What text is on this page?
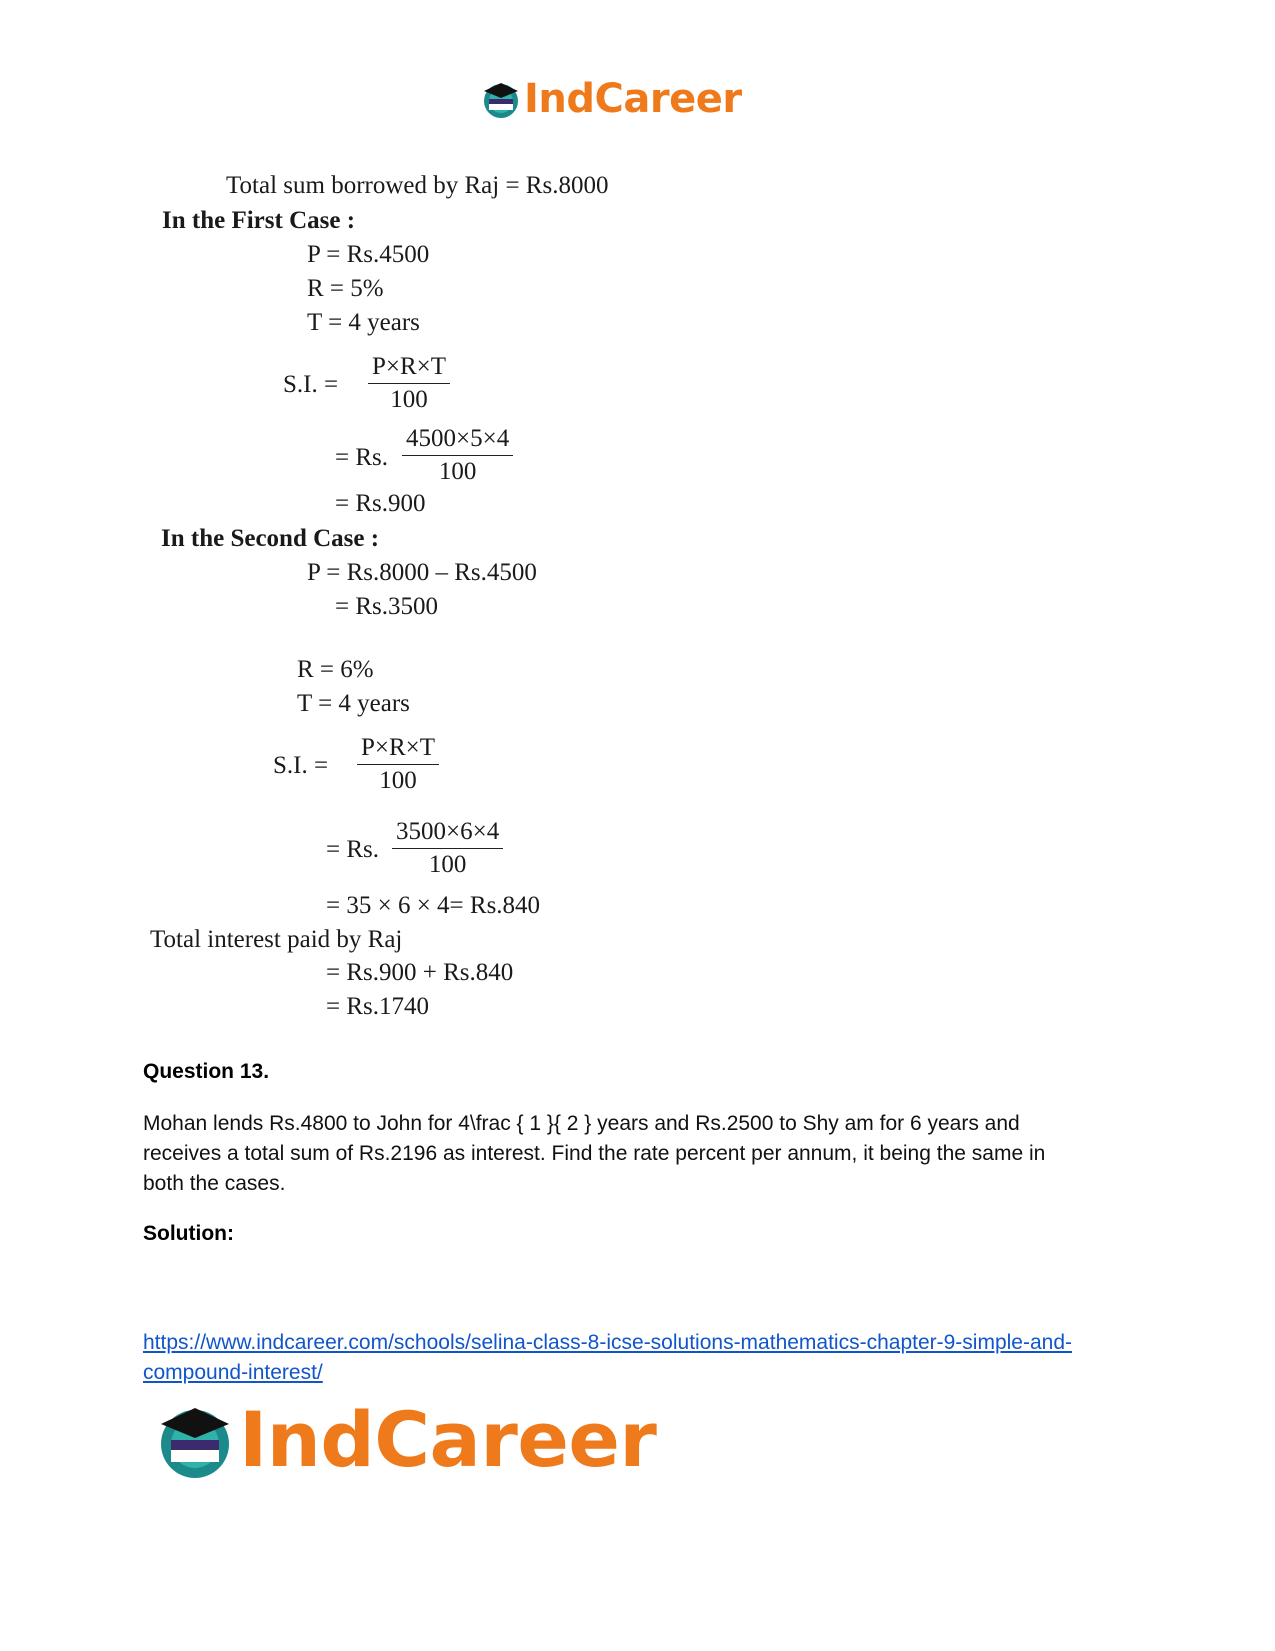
IndCareer
Total sum borrowed by Raj = Rs.8000
In the First Case :
P = Rs.4500
R = 5%
T = 4 years
S.I. = $\frac{P\times R\times T}{100}$
= Rs. $\frac{4500\times 5\times 4}{100}$
= Rs.900
In the Second Case :
P = Rs.8000 – Rs.4500
= Rs.3500
R = 6%
T = 4 years
S.I. = $\frac{P\times R\times T}{100}$
= Rs. $\frac{3500\times 6\times 4}{100}$
= 35 × 6 × 4= Rs.840
Total interest paid by Raj
= Rs.900 + Rs.840
= Rs.1740
Question 13.
Mohan lends Rs.4800 to John for 4\frac { 1 }{ 2 } years and Rs.2500 to Shy am for 6 years and receives a total sum of Rs.2196 as interest. Find the rate percent per annum, it being the same in both the cases.
Solution:
https://www.indcareer.com/schools/selina-class-8-icse-solutions-mathematics-chapter-9-simple-and-compound-interest/
IndCareer
